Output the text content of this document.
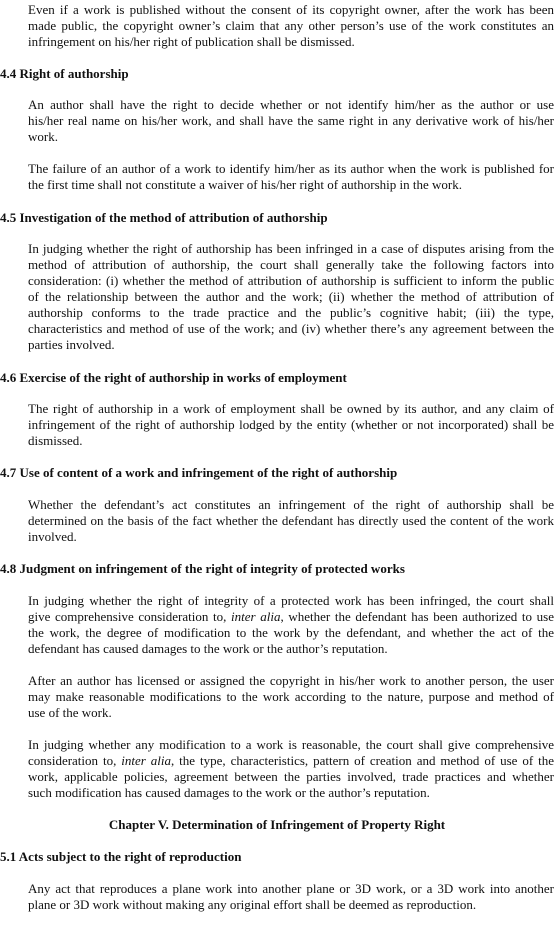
Even if a work is published without the consent of its copyright owner, after the work has been
made public, the copyright owner’s claim that any other person’s use of the work constitutes an
infringement on his/her right of publication shall be dismissed.
4.4 Right of authorship
An author shall have the right to decide whether or not identify him/her as the author or use
his/her real name on his/her work, and shall have the same right in any derivative work of his/her
work.
The failure of an author of a work to identify him/her as its author when the work is published for
the first time shall not constitute a waiver of his/her right of authorship in the work.
4.5 Investigation of the method of attribution of authorship
In judging whether the right of authorship has been infringed in a case of disputes arising from the
method of attribution of authorship, the court shall generally take the following factors into
consideration: (i) whether the method of attribution of authorship is sufficient to inform the public
of the relationship between the author and the work; (ii) whether the method of attribution of
authorship conforms to the trade practice and the public’s cognitive habit; (iii) the type,
characteristics and method of use of the work; and (iv) whether there’s any agreement between the
parties involved.
4.6 Exercise of the right of authorship in works of employment
The right of authorship in a work of employment shall be owned by its author, and any claim of
infringement of the right of authorship lodged by the entity (whether or not incorporated) shall be
dismissed.
4.7 Use of content of a work and infringement of the right of authorship
Whether the defendant’s act constitutes an infringement of the right of authorship shall be
determined on the basis of the fact whether the defendant has directly used the content of the work
involved.
4.8 Judgment on infringement of the right of integrity of protected works
In judging whether the right of integrity of a protected work has been infringed, the court shall
give comprehensive consideration to, inter alia, whether the defendant has been authorized to use
the work, the degree of modification to the work by the defendant, and whether the act of the
defendant has caused damages to the work or the author’s reputation.
After an author has licensed or assigned the copyright in his/her work to another person, the user
may make reasonable modifications to the work according to the nature, purpose and method of
use of the work.
In judging whether any modification to a work is reasonable, the court shall give comprehensive
consideration to, inter alia, the type, characteristics, pattern of creation and method of use of the
work, applicable policies, agreement between the parties involved, trade practices and whether
such modification has caused damages to the work or the author’s reputation.
Chapter V. Determination of Infringement of Property Right
5.1 Acts subject to the right of reproduction
Any act that reproduces a plane work into another plane or 3D work, or a 3D work into another
plane or 3D work without making any original effort shall be deemed as reproduction.
